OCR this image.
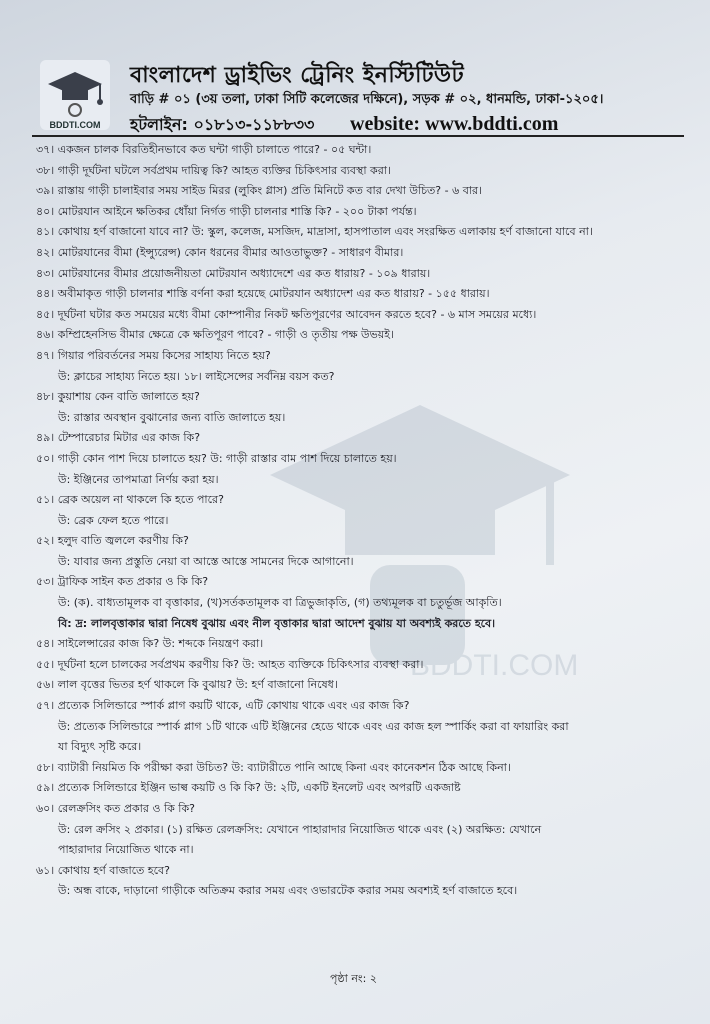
BDDTI.COM
বাংলাদেশ ড্রাইভিং ট্রেনিং ইনস্টিটিউট
বাড়ি # ০১ (৩য় তলা, ঢাকা সিটি কলেজের দক্ষিনে), সড়ক # ০২, ধানমন্ডি, ঢাকা-১২০৫।
হটলাইন: ০১৮১৩-১১৮৮৩৩ website: www.bddti.com
BDDTI.COM
৩৭। একজন চালক বিরতিহীনভাবে কত ঘন্টা গাড়ী চালাতে পারে? - ০৫ ঘন্টা।
৩৮। গাড়ী দূর্ঘটনা ঘটলে সর্বপ্রথম দায়িত্ব কি? আহত ব্যক্তির চিকিৎসার ব্যবস্থা করা।
৩৯। রাস্তায় গাড়ী চালাইবার সময় সাইড মিরর (লুকিং গ্লাস) প্রতি মিনিটে কত বার দেখা উচিত? - ৬ বার।
৪০। মোটরযান আইনে ক্ষতিকর ধোঁয়া নির্গত গাড়ী চালনার শাস্তি কি? - ২০০ টাকা পর্যন্ত।
৪১। কোথায় হর্ণ বাজানো যাবে না? উ: স্কুল, কলেজ, মসজিদ, মাদ্রাসা, হাসপাতাল এবং সংরক্ষিত এলাকায় হর্ণ বাজানো যাবে না।
৪২। মোটরযানের বীমা (ইন্স্যুরেন্স) কোন ধরনের বীমার আওতাভুক্ত? - সাধারণ বীমার।
৪৩। মোটরযানের বীমার প্রয়োজনীয়তা মোটরযান অধ্যাদেশে এর কত ধারায়? - ১০৯ ধারায়।
৪৪। অবীমাকৃত গাড়ী চালনার শাস্তি বর্ণনা করা হয়েছে মোটরযান অধ্যাদেশ এর কত ধারায়? - ১৫৫ ধারায়।
৪৫। দূর্ঘটনা ঘটার কত সময়ের মধ্যে বীমা কোম্পানীর নিকট ক্ষতিপূরণের আবেদন করতে হবে? - ৬ মাস সময়ের মধ্যে।
৪৬। কম্প্রিহেনসিভ বীমার ক্ষেত্রে কে ক্ষতিপূরণ পাবে? - গাড়ী ও তৃতীয় পক্ষ উভয়ই।
৪৭। গিয়ার পরিবর্তনের সময় কিসের সাহায্য নিতে হয়?
উ: ক্লাচের সাহায্য নিতে হয়। ১৮। লাইসেন্সের সর্বনিম্ন বয়স কত?
৪৮। কুয়াশায় কেন বাতি জালাতে হয়?
উ: রাস্তার অবস্থান বুঝানোর জন্য বাতি জালাতে হয়।
৪৯। টেম্পারেচার মিটার এর কাজ কি?
৫০। গাড়ী কোন পাশ দিয়ে চালাতে হয়? উ: গাড়ী রাস্তার বাম পাশ দিয়ে চালাতে হয়।
উ: ইঞ্জিনের তাপমাত্রা নির্ণয় করা হয়।
৫১। ব্রেক অয়েল না থাকলে কি হতে পারে?
উ: ব্রেক ফেল হতে পারে।
৫২। হলুদ বাতি জ্বললে করণীয় কি?
উ: যাবার জন্য প্রস্তুতি নেয়া বা আস্তে আস্তে সামনের দিকে আগানো।
৫৩। ট্রাফিক সাইন কত প্রকার ও কি কি?
উ: (ক). বাধ্যতামূলক বা বৃত্তাকার, (খ)সর্তকতামূলক বা ত্রিভুজাকৃতি, (গ) তথ্যমূলক বা চতুর্ভূজ আকৃতি।
বি: দ্র: লালবৃত্তাকার দ্বারা নিষেধ বুঝায় এবং নীল বৃত্তাকার দ্বারা আদেশ বুঝায় যা অবশ্যই করতে হবে।
৫৪। সাইলেন্সারের কাজ কি? উ: শব্দকে নিয়ন্ত্রণ করা।
৫৫। দূর্ঘটনা হলে চালকের সর্বপ্রথম করণীয় কি? উ: আহত ব্যক্তিকে চিকিৎসার ব্যবস্থা করা।
৫৬। লাল বৃত্তের ভিতর হর্ণ থাকলে কি বুঝায়? উ: হর্ণ বাজানো নিষেধ।
৫৭। প্রত্যেক সিলিন্ডারে স্পার্ক প্লাগ কয়টি থাকে, এটি কোথায় থাকে এবং এর কাজ কি?
উ: প্রত্যেক সিলিন্ডারে স্পার্ক প্লাগ ১টি থাকে এটি ইঞ্জিনের হেডে থাকে এবং এর কাজ হল স্পার্কিং করা বা ফায়ারিং করা
যা বিদ্যুৎ সৃষ্টি করে।
৫৮। ব্যাটারী নিয়মিত কি পরীক্ষা করা উচিত? উ: ব্যাটারীতে পানি আছে কিনা এবং কানেকশন ঠিক আছে কিনা।
৫৯। প্রত্যেক সিলিন্ডারে ইঞ্জিন ভাল্ব কয়টি ও কি কি? উ: ২টি, একটি ইনলেট এবং অপরটি একজাষ্ট
৬০। রেলক্রসিং কত প্রকার ও কি কি?
উ: রেল ক্রসিং ২ প্রকার। (১) রক্ষিত রেলক্রসিং: যেখানে পাহারাদার নিয়োজিত থাকে এবং (২) অরক্ষিত: যেখানে
পাহারাদার নিয়োজিত থাকে না।
৬১। কোথায় হর্ণ বাজাতে হবে?
উ: অন্ধ বাকে, দাড়ানো গাড়ীকে অতিক্রম করার সময় এবং ওভারটেক করার সময় অবশ্যই হর্ণ বাজাতে হবে।
পৃষ্ঠা নং: ২
